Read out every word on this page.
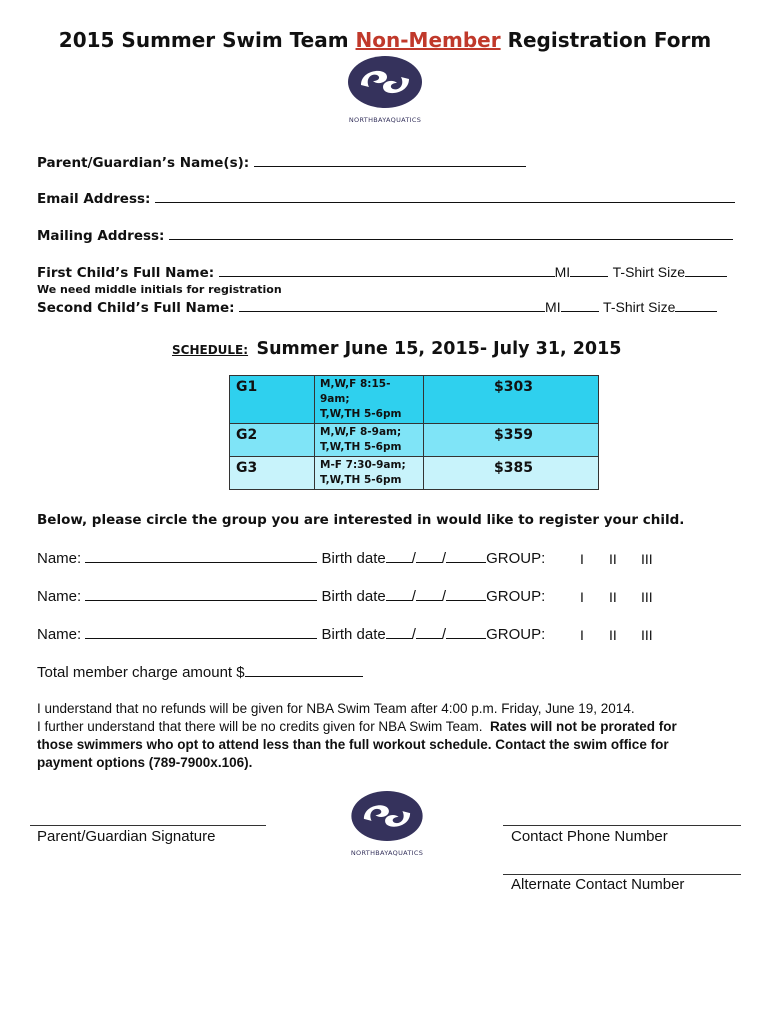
2015 Summer Swim Team Non-Member Registration Form
NORTHBAYAQUATICS
Parent/Guardian’s Name(s):
Email Address:
Mailing Address:
First Child’s Full Name:	MI	T-Shirt Size
We need middle initials for registration
Second Child’s Full Name:	MI	T-Shirt Size
SCHEDULE: Summer June 15, 2015- July 31, 2015
G1	M,W,F 8:15-9am;
T,W,TH 5-6pm	$303
G2	M,W,F 8-9am;
T,W,TH 5-6pm	$359
G3	M-F 7:30-9am;
T,W,TH 5-6pm	$385
Below, please circle the group you are interested in would like to register your child.
Name:	Birth date / /	GROUP: I II III
Name:	Birth date / /	GROUP: I II III
Name:	Birth date / /	GROUP: I II III
Total member charge amount $
I understand that no refunds will be given for NBA Swim Team after 4:00 p.m. Friday, June 19, 2014.
I further understand that there will be no credits given for NBA Swim Team. Rates will not be prorated for
those swimmers who opt to attend less than the full workout schedule. Contact the swim office for
payment options (789-7900x.106).
Parent/Guardian Signature
NORTHBAYAQUATICS
Contact Phone Number
Alternate Contact Number
